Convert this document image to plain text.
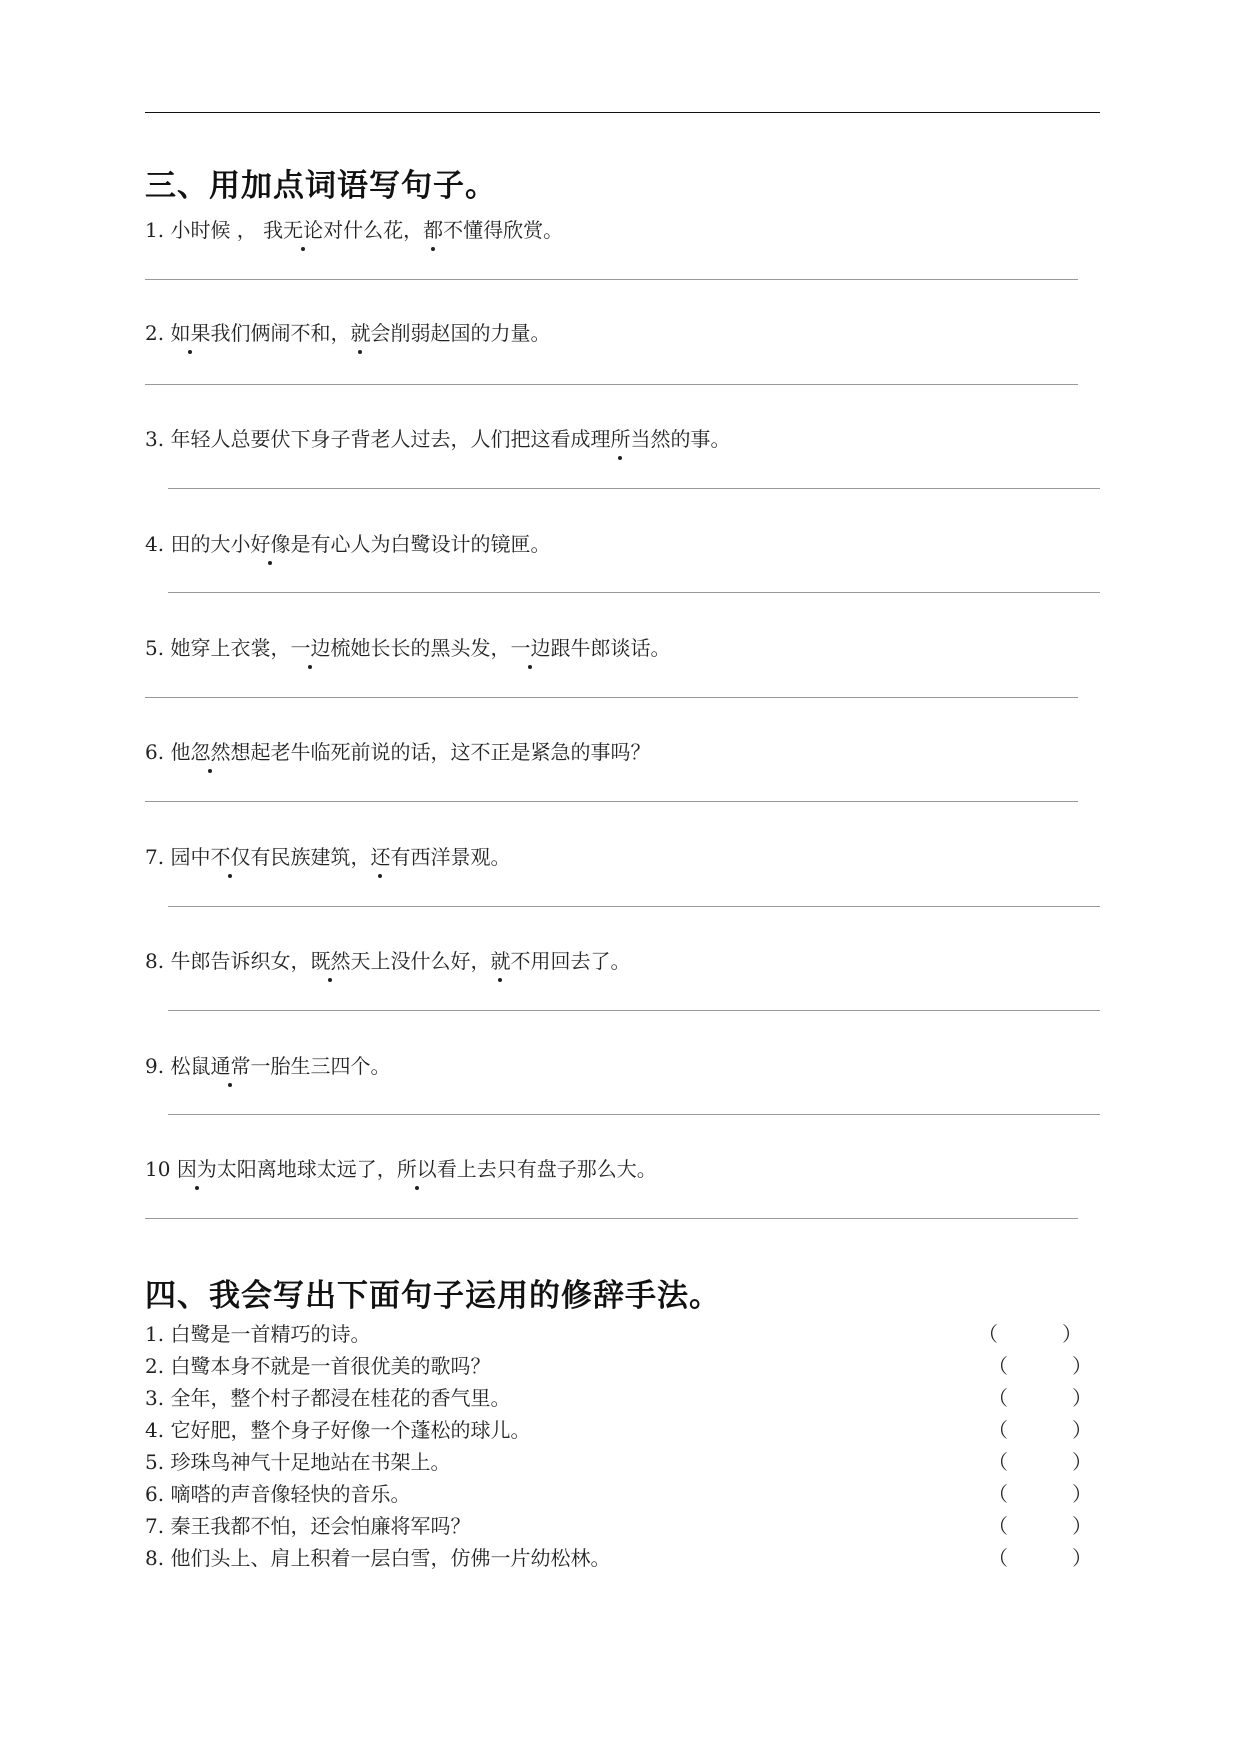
三、用加点词语写句子。
1. 小时候 ， 我无论对什么花，都不懂得欣赏。
2. 如果我们俩闹不和，就会削弱赵国的力量。
3. 年轻人总要伏下身子背老人过去，人们把这看成理所当然的事。
4. 田的大小好像是有心人为白鹭设计的镜匣。
5. 她穿上衣裳，一边梳她长长的黑头发，一边跟牛郎谈话。
6. 他忽然想起老牛临死前说的话，这不正是紧急的事吗？
7. 园中不仅有民族建筑，还有西洋景观。
8. 牛郎告诉织女，既然天上没什么好，就不用回去了。
9. 松鼠通常一胎生三四个。
10 因为太阳离地球太远了，所以看上去只有盘子那么大。
四、我会写出下面句子运用的修辞手法。
1. 白鹭是一首精巧的诗。	（	）
2. 白鹭本身不就是一首很优美的歌吗？	（	）
3. 全年，整个村子都浸在桂花的香气里。	（	）
4. 它好肥，整个身子好像一个蓬松的球儿。	（	）
5. 珍珠鸟神气十足地站在书架上。	（	）
6. 嘀嗒的声音像轻快的音乐。	（	）
7. 秦王我都不怕，还会怕廉将军吗？	（	）
8. 他们头上、肩上积着一层白雪，仿佛一片幼松林。	（	）
